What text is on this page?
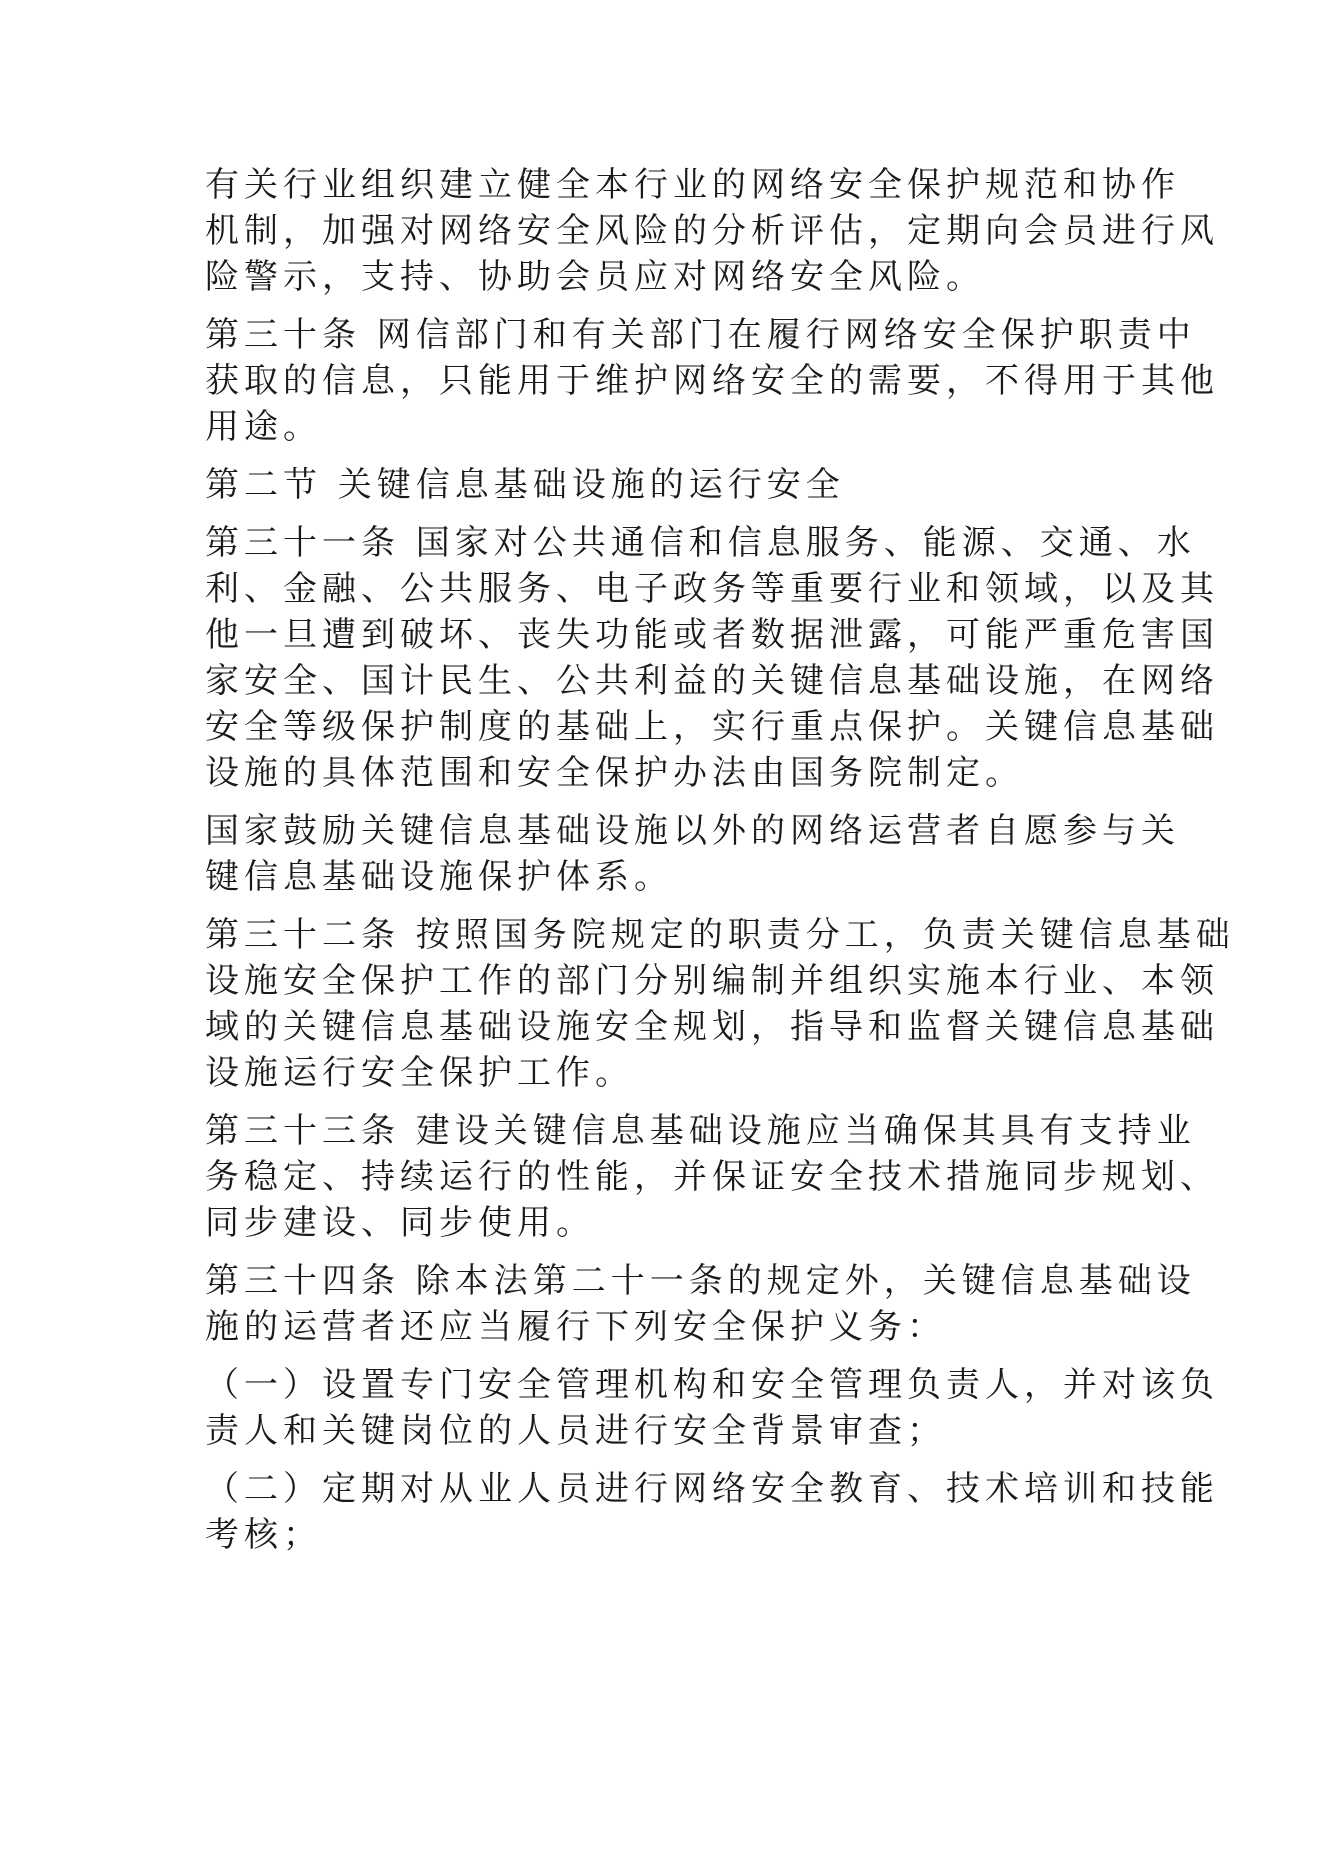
有关行业组织建立健全本行业的网络安全保护规范和协作
机制，加强对网络安全风险的分析评估，定期向会员进行风
险警示，支持、协助会员应对网络安全风险。

第三十条 网信部门和有关部门在履行网络安全保护职责中
获取的信息，只能用于维护网络安全的需要，不得用于其他
用途。

第二节 关键信息基础设施的运行安全

第三十一条 国家对公共通信和信息服务、能源、交通、水
利、金融、公共服务、电子政务等重要行业和领域，以及其
他一旦遭到破坏、丧失功能或者数据泄露，可能严重危害国
家安全、国计民生、公共利益的关键信息基础设施，在网络
安全等级保护制度的基础上，实行重点保护。关键信息基础
设施的具体范围和安全保护办法由国务院制定。

国家鼓励关键信息基础设施以外的网络运营者自愿参与关
键信息基础设施保护体系。

第三十二条 按照国务院规定的职责分工，负责关键信息基础
设施安全保护工作的部门分别编制并组织实施本行业、本领
域的关键信息基础设施安全规划，指导和监督关键信息基础
设施运行安全保护工作。

第三十三条 建设关键信息基础设施应当确保其具有支持业
务稳定、持续运行的性能，并保证安全技术措施同步规划、
同步建设、同步使用。

第三十四条 除本法第二十一条的规定外，关键信息基础设
施的运营者还应当履行下列安全保护义务：

（一）设置专门安全管理机构和安全管理负责人，并对该负
责人和关键岗位的人员进行安全背景审查；

（二）定期对从业人员进行网络安全教育、技术培训和技能
考核；
